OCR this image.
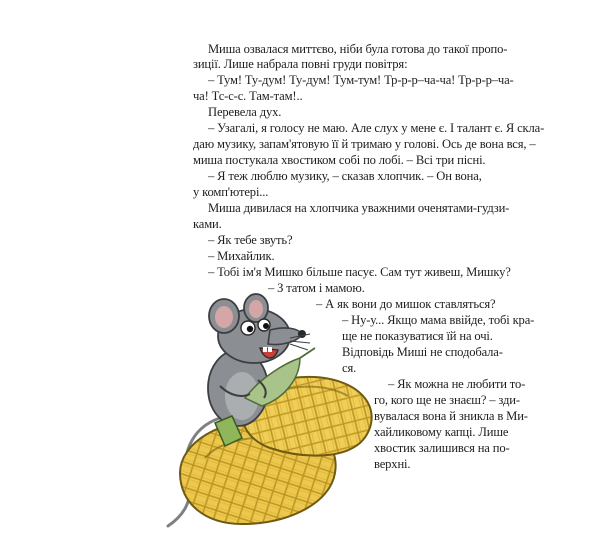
Миша озвалася миттєво, ніби була готова до такої пропо-
зиції. Лише набрала повні груди повітря:
– Тум! Ту-дум! Ту-дум! Тум-тум! Тр-р-р–ча-ча! Тр-р-р–ча-
ча! Тс-с-с. Там-там!..
Перевела дух.
– Узагалі, я голосу не маю. Але слух у мене є. І талант є. Я скла-
даю музику, запам'ятовую її й тримаю у голові. Ось де вона вся, –
миша постукала хвостиком собі по лобі. – Всі три пісні.
– Я теж люблю музику, – сказав хлопчик. – Он вона,
у комп'ютері...
Миша дивилася на хлопчика уважними оченятами-гудзи-
ками.
– Як тебе звуть?
– Михайлик.
– Тобі ім'я Мишко більше пасує. Сам тут живеш, Мишку?
– З татом і мамою.
– А як вони до мишок ставляться?
– Ну-у... Якщо мама ввійде, тобі кра-
ще не показуватися їй на очі.
Відповідь Миші не сподобала-
ся.
– Як можна не любити то-
го, кого ще не знаєш? – зди-
вувалася вона й зникла в Ми-
хайликовому капці. Лише
хвостик залишився на по-
верхні.
